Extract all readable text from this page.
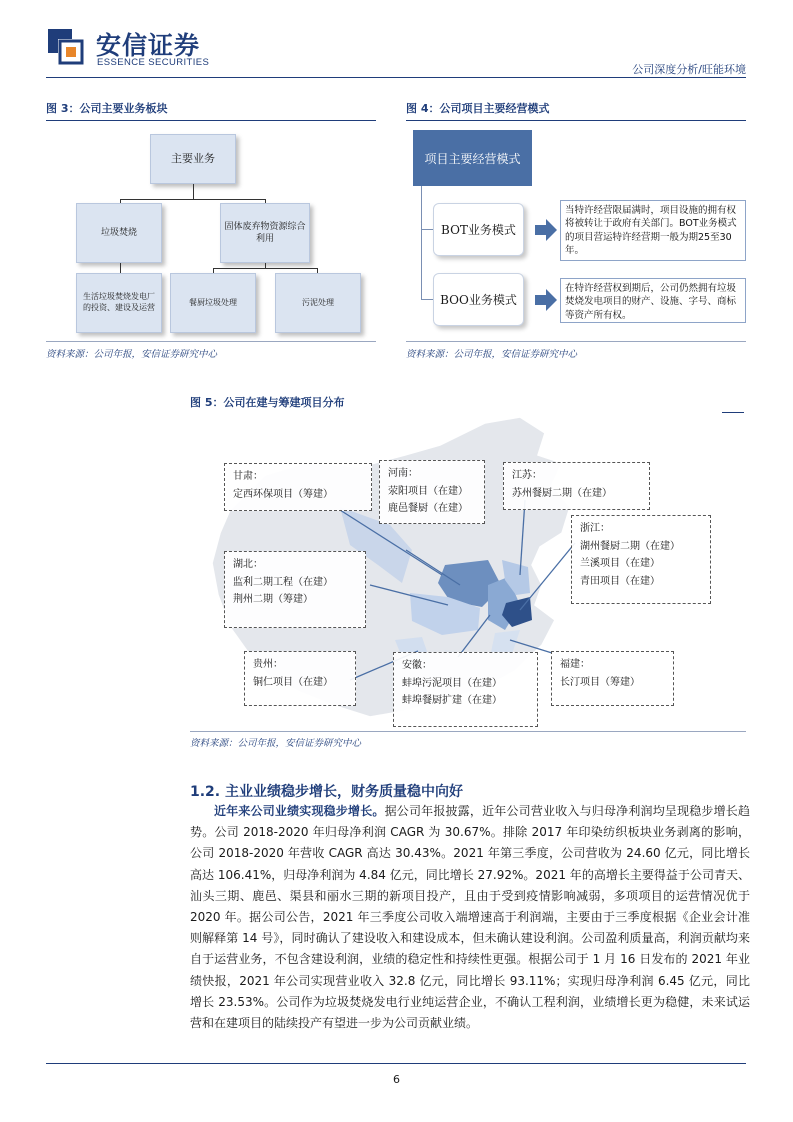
安信证券
ESSENCE SECURITIES
公司深度分析/旺能环境
图 3：公司主要业务板块
主要业务
垃圾焚烧
固体废弃物资源综合利用
生活垃圾焚烧发电厂的投资、建设及运营
餐厨垃圾处理	污泥处理
资料来源：公司年报，安信证券研究中心
图 4：公司项目主要经营模式
项目主要经营模式
BOT业务模式
BOO业务模式
当特许经营限届满时，项目设施的拥有权将被转让于政府有关部门。BOT业务模式的项目营运特许经营期一般为期25至30年。
在特许经营权到期后，公司仍然拥有垃圾焚烧发电项目的财产、设施、字号、商标等资产所有权。
资料来源：公司年报，安信证券研究中心
图 5：公司在建与筹建项目分布
甘肃：
定西环保项目（筹建）
河南：
荥阳项目（在建）
鹿邑餐厨（在建）
江苏：
苏州餐厨二期（在建）
浙江：
湖州餐厨二期（在建）
兰溪项目（在建）
青田项目（在建）
湖北：
监利二期工程（在建）
荆州二期（筹建）
贵州：
铜仁项目（在建）
安徽：
蚌埠污泥项目（在建）
蚌埠餐厨扩建（在建）
福建：
长汀项目（筹建）
资料来源：公司年报，安信证券研究中心
1.2. 主业业绩稳步增长，财务质量稳中向好
近年来公司业绩实现稳步增长。据公司年报披露，近年公司营业收入与归母净利润均呈现稳步增长趋势。公司 2018-2020 年归母净利润 CAGR 为 30.67%。排除 2017 年印染纺织板块业务剥离的影响，公司 2018-2020 年营收 CAGR 高达 30.43%。2021 年第三季度，公司营收为 24.60 亿元，同比增长高达 106.41%，归母净利润为 4.84 亿元，同比增长 27.92%。2021 年的高增长主要得益于公司青天、汕头三期、鹿邑、渠县和丽水三期的新项目投产，且由于受到疫情影响减弱，多项项目的运营情况优于 2020 年。据公司公告，2021 年三季度公司收入端增速高于利润端，主要由于三季度根据《企业会计准则解释第 14 号》，同时确认了建设收入和建设成本，但未确认建设利润。公司盈利质量高，利润贡献均来自于运营业务，不包含建设利润，业绩的稳定性和持续性更强。根据公司于 1 月 16 日发布的 2021 年业绩快报，2021 年公司实现营业收入 32.8 亿元，同比增长 93.11%；实现归母净利润 6.45 亿元，同比增长 23.53%。公司作为垃圾焚烧发电行业纯运营企业，不确认工程利润，业绩增长更为稳健，未来试运营和在建项目的陆续投产有望进一步为公司贡献业绩。
6
